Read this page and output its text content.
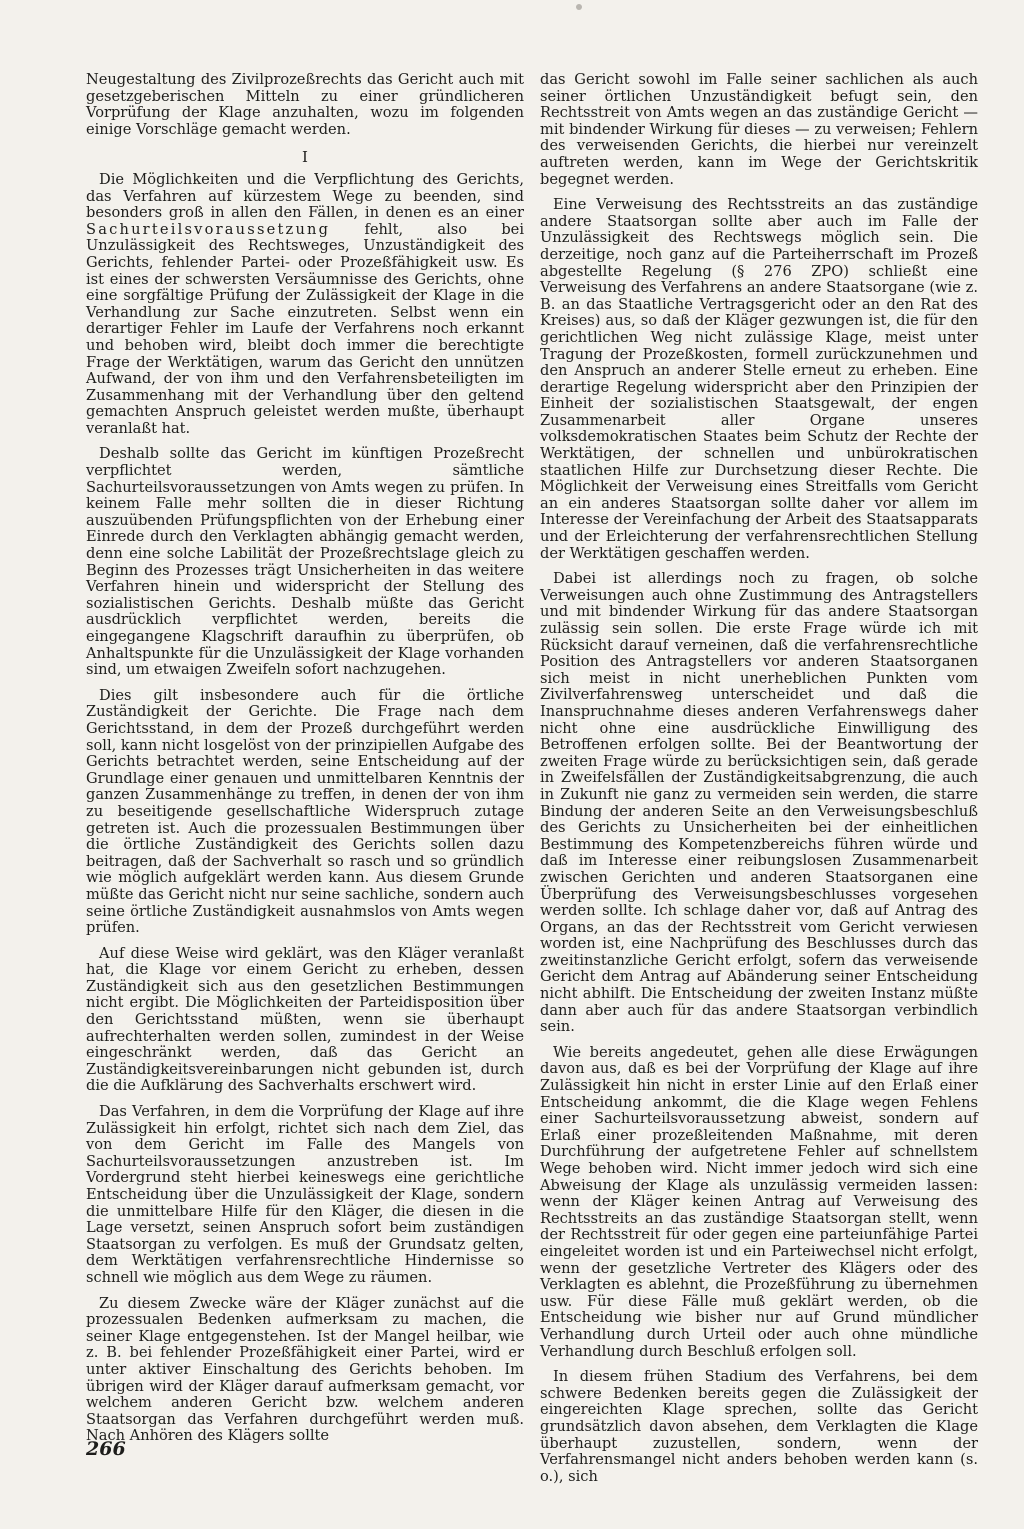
Neugestaltung des Zivilprozeßrechts das Gericht auch mit gesetzgeberischen Mitteln zu einer gründlicheren Vorprüfung der Klage anzuhalten, wozu im folgenden einige Vorschläge gemacht werden.

I

Die Möglichkeiten und die Verpflichtung des Gerichts, das Verfahren auf kürzestem Wege zu beenden, sind besonders groß in allen den Fällen, in denen es an einer Sachurteilsvoraussetzung fehlt, also bei Unzulässigkeit des Rechtsweges, Unzuständigkeit des Gerichts, fehlender Partei- oder Prozeßfähigkeit usw. Es ist eines der schwersten Versäumnisse des Gerichts, ohne eine sorgfältige Prüfung der Zulässigkeit der Klage in die Verhandlung zur Sache einzutreten. Selbst wenn ein derartiger Fehler im Laufe der Verfahrens noch erkannt und behoben wird, bleibt doch immer die berechtigte Frage der Werktätigen, warum das Gericht den unnützen Aufwand, der von ihm und den Verfahrensbeteiligten im Zusammenhang mit der Verhandlung über den geltend gemachten Anspruch geleistet werden mußte, überhaupt veranlaßt hat.

Deshalb sollte das Gericht im künftigen Prozeßrecht verpflichtet werden, sämtliche Sachurteilsvoraussetzungen von Amts wegen zu prüfen. In keinem Falle mehr sollten die in dieser Richtung auszuübenden Prüfungspflichten von der Erhebung einer Einrede durch den Verklagten abhängig gemacht werden, denn eine solche Labilität der Prozeßrechtslage gleich zu Beginn des Prozesses trägt Unsicherheiten in das weitere Verfahren hinein und widerspricht der Stellung des sozialistischen Gerichts. Deshalb müßte das Gericht ausdrücklich verpflichtet werden, bereits die eingegangene Klagschrift daraufhin zu überprüfen, ob Anhaltspunkte für die Unzulässigkeit der Klage vorhanden sind, um etwaigen Zweifeln sofort nachzugehen.

Dies gilt insbesondere auch für die örtliche Zuständigkeit der Gerichte. Die Frage nach dem Gerichtsstand, in dem der Prozeß durchgeführt werden soll, kann nicht losgelöst von der prinzipiellen Aufgabe des Gerichts betrachtet werden, seine Entscheidung auf der Grundlage einer genauen und unmittelbaren Kenntnis der ganzen Zusammenhänge zu treffen, in denen der von ihm zu beseitigende gesellschaftliche Widerspruch zutage getreten ist. Auch die prozessualen Bestimmungen über die örtliche Zuständigkeit des Gerichts sollen dazu beitragen, daß der Sachverhalt so rasch und so gründlich wie möglich aufgeklärt werden kann. Aus diesem Grunde müßte das Gericht nicht nur seine sachliche, sondern auch seine örtliche Zuständigkeit ausnahmslos von Amts wegen prüfen.

Auf diese Weise wird geklärt, was den Kläger veranlaßt hat, die Klage vor einem Gericht zu erheben, dessen Zuständigkeit sich aus den gesetzlichen Bestimmungen nicht ergibt. Die Möglichkeiten der Parteidisposition über den Gerichtsstand müßten, wenn sie überhaupt aufrechterhalten werden sollen, zumindest in der Weise eingeschränkt werden, daß das Gericht an Zuständigkeitsvereinbarungen nicht gebunden ist, durch die die Aufklärung des Sachverhalts erschwert wird.

Das Verfahren, in dem die Vorprüfung der Klage auf ihre Zulässigkeit hin erfolgt, richtet sich nach dem Ziel, das von dem Gericht im Falle des Mangels von Sachurteilsvoraussetzungen anzustreben ist. Im Vordergrund steht hierbei keineswegs eine gerichtliche Entscheidung über die Unzulässigkeit der Klage, sondern die unmittelbare Hilfe für den Kläger, die diesen in die Lage versetzt, seinen Anspruch sofort beim zuständigen Staatsorgan zu verfolgen. Es muß der Grundsatz gelten, dem Werktätigen verfahrensrechtliche Hindernisse so schnell wie möglich aus dem Wege zu räumen.

Zu diesem Zwecke wäre der Kläger zunächst auf die prozessualen Bedenken aufmerksam zu machen, die seiner Klage entgegenstehen. Ist der Mangel heilbar, wie z. B. bei fehlender Prozeßfähigkeit einer Partei, wird er unter aktiver Einschaltung des Gerichts behoben. Im übrigen wird der Kläger darauf aufmerksam gemacht, vor welchem anderen Gericht bzw. welchem anderen Staatsorgan das Verfahren durchgeführt werden muß. Nach Anhören des Klägers sollte

das Gericht sowohl im Falle seiner sachlichen als auch seiner örtlichen Unzuständigkeit befugt sein, den Rechtsstreit von Amts wegen an das zuständige Gericht — mit bindender Wirkung für dieses — zu verweisen; Fehlern des verweisenden Gerichts, die hierbei nur vereinzelt auftreten werden, kann im Wege der Gerichtskritik begegnet werden.

Eine Verweisung des Rechtsstreits an das zuständige andere Staatsorgan sollte aber auch im Falle der Unzulässigkeit des Rechtswegs möglich sein. Die derzeitige, noch ganz auf die Parteiherrschaft im Prozeß abgestellte Regelung (§ 276 ZPO) schließt eine Verweisung des Verfahrens an andere Staatsorgane (wie z. B. an das Staatliche Vertragsgericht oder an den Rat des Kreises) aus, so daß der Kläger gezwungen ist, die für den gerichtlichen Weg nicht zulässige Klage, meist unter Tragung der Prozeßkosten, formell zurückzunehmen und den Anspruch an anderer Stelle erneut zu erheben. Eine derartige Regelung widerspricht aber den Prinzipien der Einheit der sozialistischen Staatsgewalt, der engen Zusammenarbeit aller Organe unseres volksdemokratischen Staates beim Schutz der Rechte der Werktätigen, der schnellen und unbürokratischen staatlichen Hilfe zur Durchsetzung dieser Rechte. Die Möglichkeit der Verweisung eines Streitfalls vom Gericht an ein anderes Staatsorgan sollte daher vor allem im Interesse der Vereinfachung der Arbeit des Staatsapparats und der Erleichterung der verfahrensrechtlichen Stellung der Werktätigen geschaffen werden.

Dabei ist allerdings noch zu fragen, ob solche Verweisungen auch ohne Zustimmung des Antragstellers und mit bindender Wirkung für das andere Staatsorgan zulässig sein sollen. Die erste Frage würde ich mit Rücksicht darauf verneinen, daß die verfahrensrechtliche Position des Antragstellers vor anderen Staatsorganen sich meist in nicht unerheblichen Punkten vom Zivilverfahrensweg unterscheidet und daß die Inanspruchnahme dieses anderen Verfahrenswegs daher nicht ohne eine ausdrückliche Einwilligung des Betroffenen erfolgen sollte. Bei der Beantwortung der zweiten Frage würde zu berücksichtigen sein, daß gerade in Zweifelsfällen der Zuständigkeitsabgrenzung, die auch in Zukunft nie ganz zu vermeiden sein werden, die starre Bindung der anderen Seite an den Verweisungsbeschluß des Gerichts zu Unsicherheiten bei der einheitlichen Bestimmung des Kompetenzbereichs führen würde und daß im Interesse einer reibungslosen Zusammenarbeit zwischen Gerichten und anderen Staatsorganen eine Überprüfung des Verweisungsbeschlusses vorgesehen werden sollte. Ich schlage daher vor, daß auf Antrag des Organs, an das der Rechtsstreit vom Gericht verwiesen worden ist, eine Nachprüfung des Beschlusses durch das zweitinstanzliche Gericht erfolgt, sofern das verweisende Gericht dem Antrag auf Abänderung seiner Entscheidung nicht abhilft. Die Entscheidung der zweiten Instanz müßte dann aber auch für das andere Staatsorgan verbindlich sein.

Wie bereits angedeutet, gehen alle diese Erwägungen davon aus, daß es bei der Vorprüfung der Klage auf ihre Zulässigkeit hin nicht in erster Linie auf den Erlaß einer Entscheidung ankommt, die die Klage wegen Fehlens einer Sachurteilsvoraussetzung abweist, sondern auf Erlaß einer prozeßleitenden Maßnahme, mit deren Durchführung der aufgetretene Fehler auf schnellstem Wege behoben wird. Nicht immer jedoch wird sich eine Abweisung der Klage als unzulässig vermeiden lassen: wenn der Kläger keinen Antrag auf Verweisung des Rechtsstreits an das zuständige Staatsorgan stellt, wenn der Rechtsstreit für oder gegen eine parteiunfähige Partei eingeleitet worden ist und ein Parteiwechsel nicht erfolgt, wenn der gesetzliche Vertreter des Klägers oder des Verklagten es ablehnt, die Prozeßführung zu übernehmen usw. Für diese Fälle muß geklärt werden, ob die Entscheidung wie bisher nur auf Grund mündlicher Verhandlung durch Urteil oder auch ohne mündliche Verhandlung durch Beschluß erfolgen soll.

In diesem frühen Stadium des Verfahrens, bei dem schwere Bedenken bereits gegen die Zulässigkeit der eingereichten Klage sprechen, sollte das Gericht grundsätzlich davon absehen, dem Verklagten die Klage überhaupt zuzustellen, sondern, wenn der Verfahrensmangel nicht anders behoben werden kann (s. o.), sich

266
